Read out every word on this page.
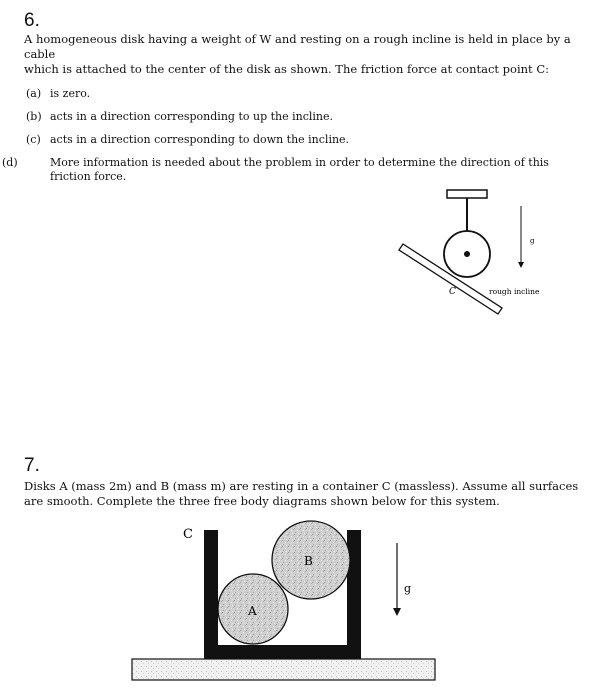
6.
A homogeneous disk having a weight of W and resting on a rough incline is held in place by a cable
which is attached to the center of the disk as shown. The friction force at contact point C:
(a) is zero.
(b) acts in a direction corresponding to up the incline.
(c) acts in a direction corresponding to down the incline.
(d)	More information is needed about the problem in order to determine the direction of this friction force.
C
g
rough incline
7.
Disks A (mass 2m) and B (mass m) are resting in a container C (massless). Assume all surfaces
are smooth. Complete the three free body diagrams shown below for this system.
C
A
B
g
